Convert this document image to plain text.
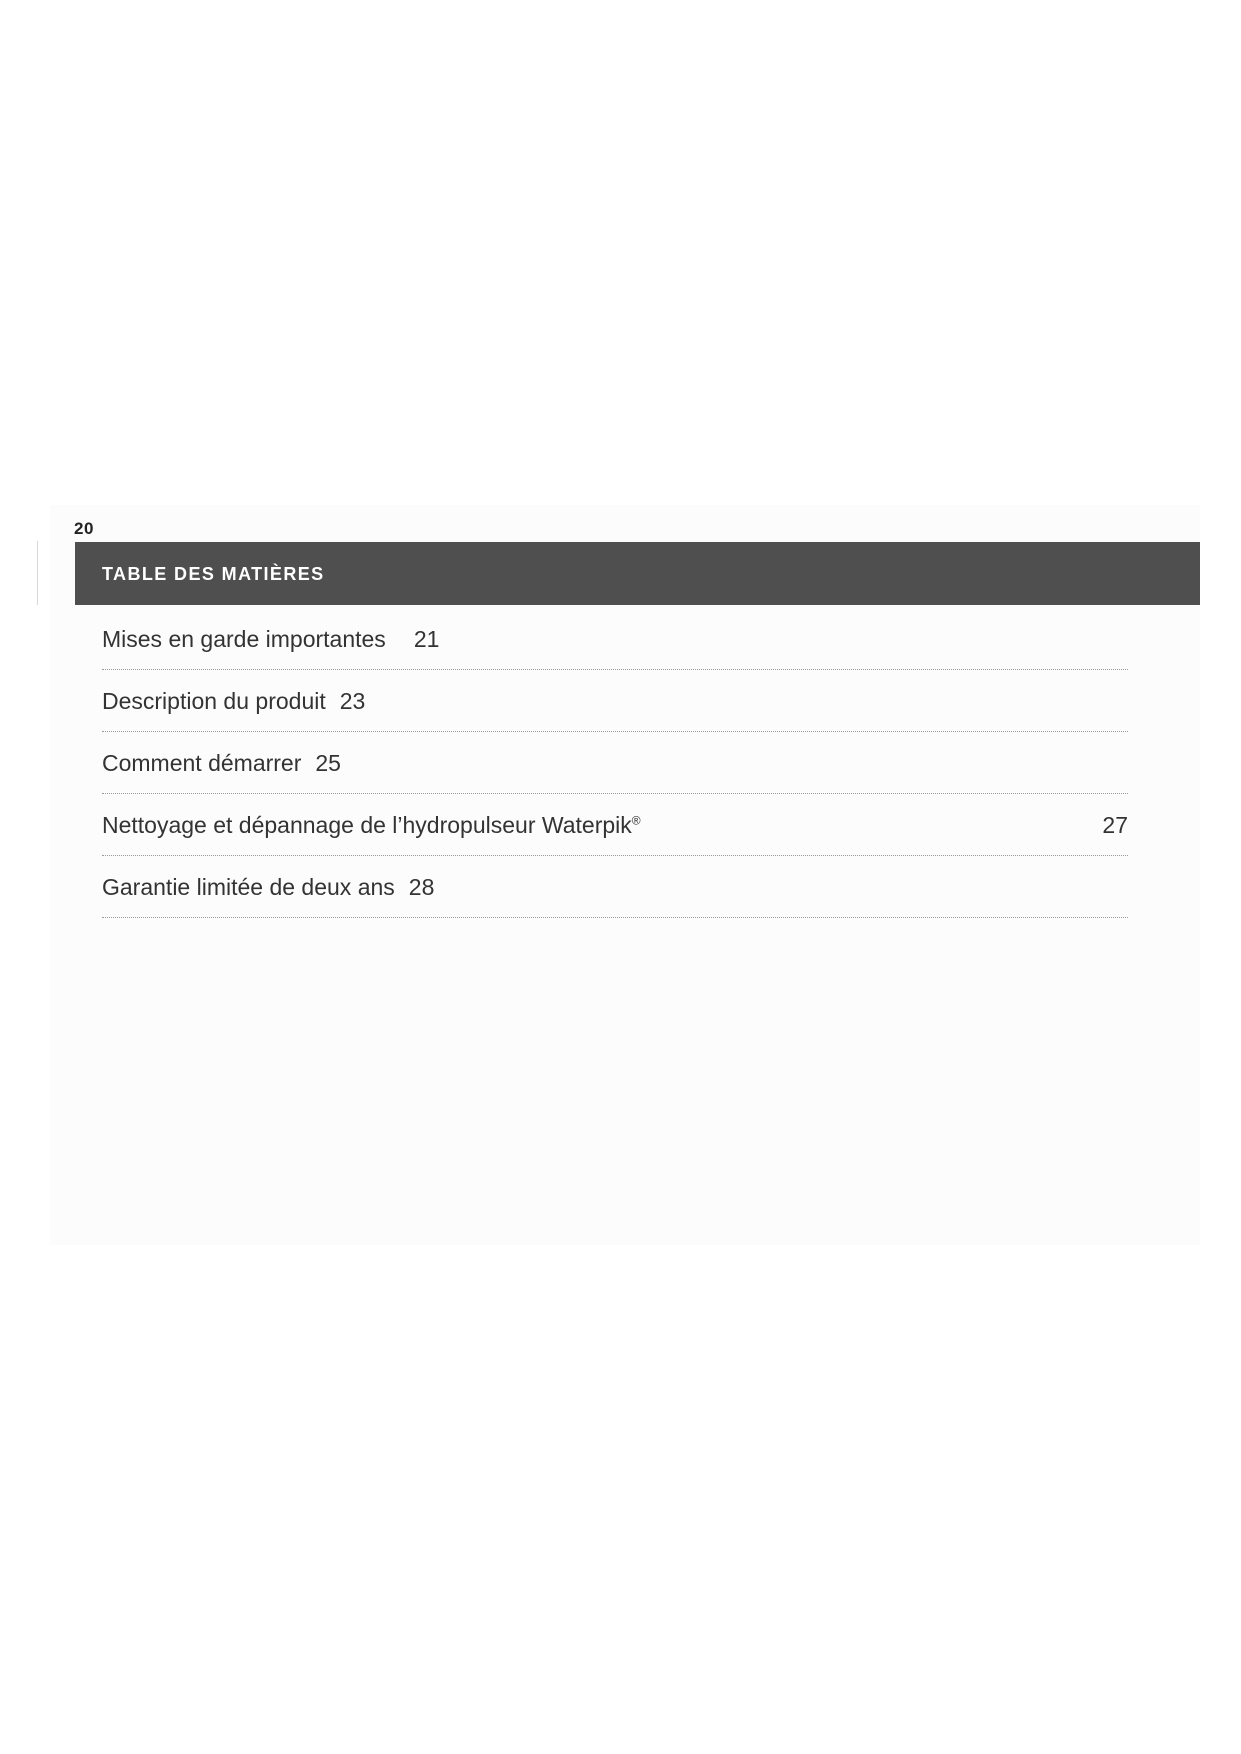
20
TABLE DES MATIÈRES
Mises en garde importantes 21
Description du produit 23
Comment démarrer 25
Nettoyage et dépannage de l’hydropulseur Waterpik®	27
Garantie limitée de deux ans 28
